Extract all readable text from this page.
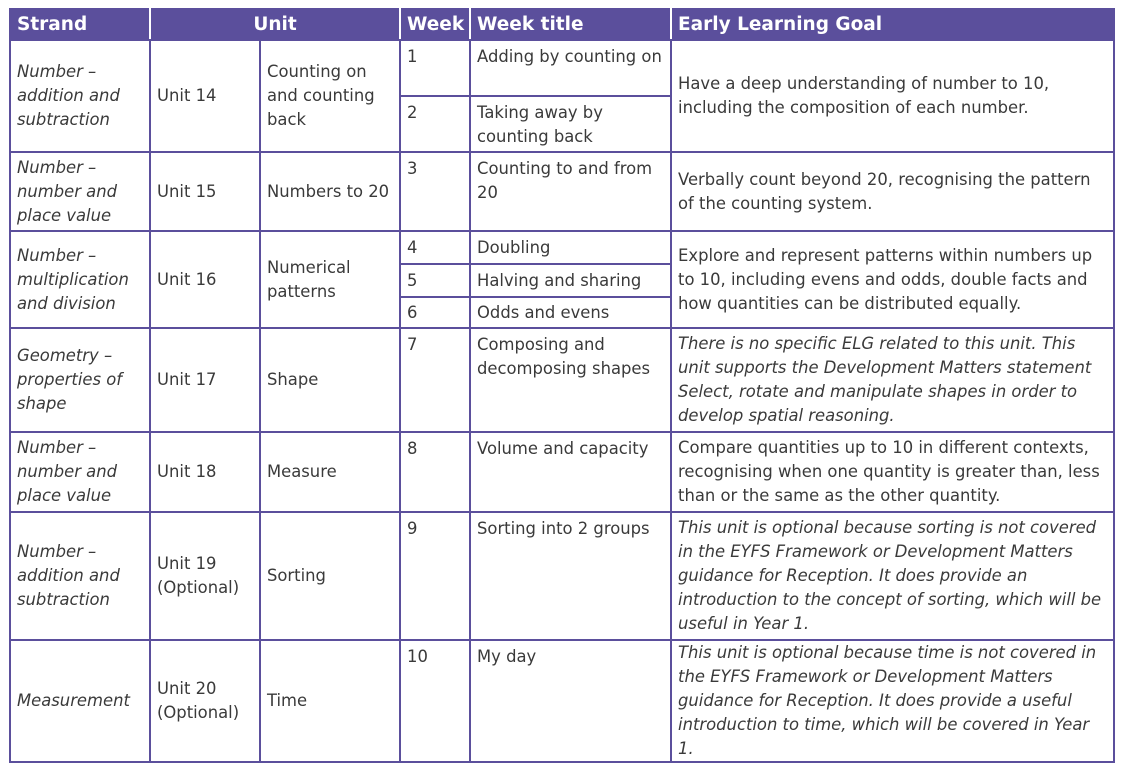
Strand	Unit		Week	Week title	Early Learning Goal
Number – addition and subtraction	Unit 14	Counting on and counting back	1	Adding by counting on	Have a deep understanding of number to 10, including the composition of each number.
			2	Taking away by counting back	
Number – number and place value	Unit 15	Numbers to 20	3	Counting to and from 20	Verbally count beyond 20, recognising the pattern of the counting system.
Number – multiplication and division	Unit 16	Numerical patterns	4	Doubling	Explore and represent patterns within numbers up to 10, including evens and odds, double facts and how quantities can be distributed equally.
			5	Halving and sharing	
			6	Odds and evens	
Geometry – properties of shape	Unit 17	Shape	7	Composing and decomposing shapes	There is no specific ELG related to this unit. This unit supports the Development Matters statement Select, rotate and manipulate shapes in order to develop spatial reasoning.
Number – number and place value	Unit 18	Measure	8	Volume and capacity	Compare quantities up to 10 in different contexts, recognising when one quantity is greater than, less than or the same as the other quantity.
Number – addition and subtraction	Unit 19 (Optional)	Sorting	9	Sorting into 2 groups	This unit is optional because sorting is not covered in the EYFS Framework or Development Matters guidance for Reception. It does provide an introduction to the concept of sorting, which will be useful in Year 1.
Measurement	Unit 20 (Optional)	Time	10	My day	This unit is optional because time is not covered in the EYFS Framework or Development Matters guidance for Reception. It does provide a useful introduction to time, which will be covered in Year 1.
